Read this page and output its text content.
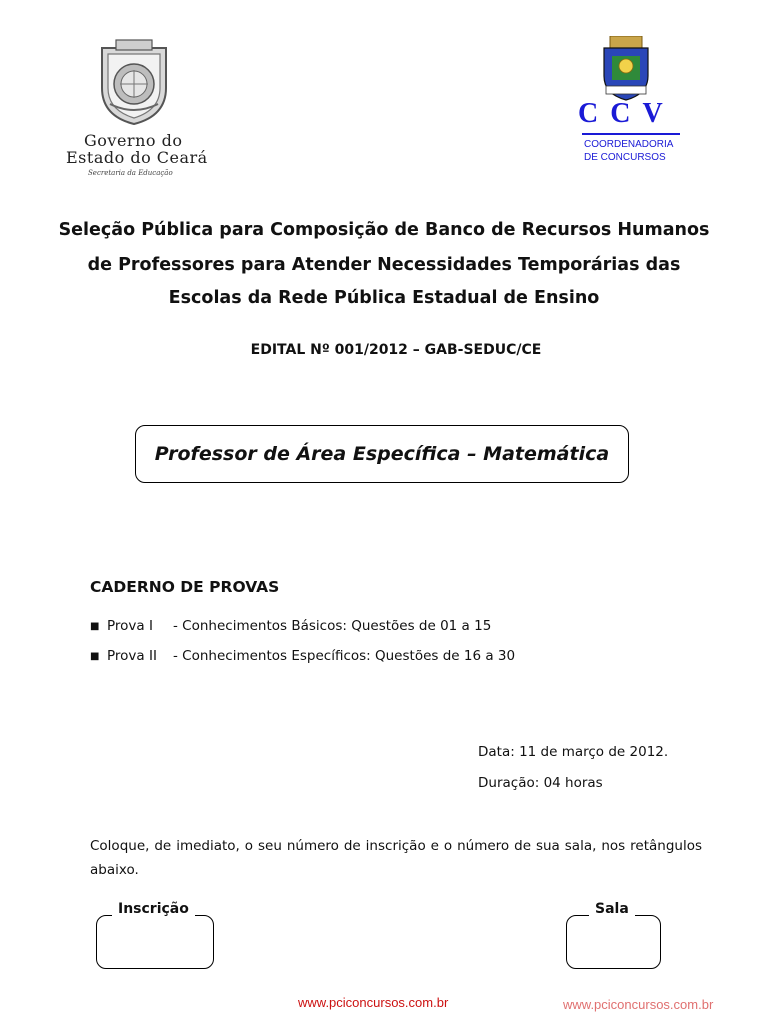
Governo do
Estado do Ceará
Secretaria da Educação
CCV
COORDENADORIA
DE CONCURSOS
Seleção Pública para Composição de Banco de Recursos Humanos
de Professores para Atender Necessidades Temporárias das
Escolas da Rede Pública Estadual de Ensino
EDITAL Nº 001/2012 – GAB-SEDUC/CE
Professor de Área Específica – Matemática
CADERNO DE PROVAS
■ Prova I	- Conhecimentos Básicos: Questões de 01 a 15
■ Prova II	- Conhecimentos Específicos: Questões de 16 a 30
Data: 11 de março de 2012.
Duração: 04 horas
Coloque, de imediato, o seu número de inscrição e o número de sua sala, nos retângulos abaixo.
Inscrição	Sala
www.pciconcursos.com.br	www.pciconcursos.com.br
